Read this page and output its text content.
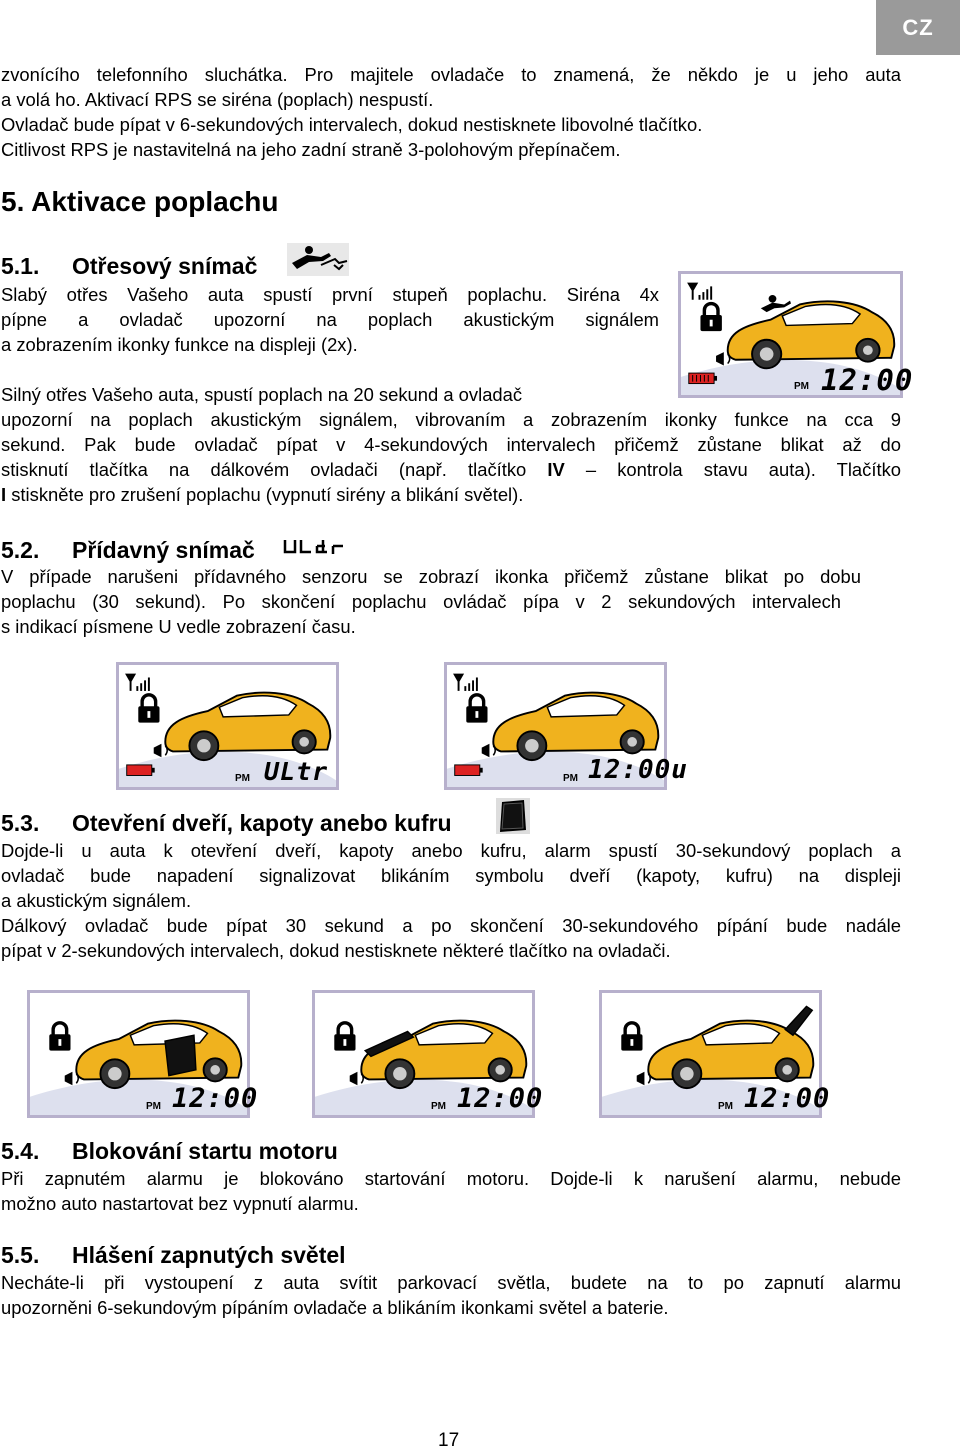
CZ

zvonícího telefonního sluchátka. Pro majitele ovladače to znamená, že někdo je u jeho auta

a volá ho. Aktivací RPS se siréna (poplach) nespustí.

Ovladač bude pípat v 6-sekundových intervalech, dokud nestisknete libovolné tlačítko.

Citlivost RPS je nastavitelná na jeho zadní straně 3-polohovým přepínačem.

5. Aktivace poplachu
5.1. Otřesový snímač

Slabý otřes Vašeho auta spustí první stupeň poplachu. Siréna 4x

pípne a ovladač upozorní na poplach akustickým signálem

a zobrazením ikonky funkce na displeji (2x).

PM 12:00

Silný otřes Vašeho auta, spustí poplach na 20 sekund a ovladač

upozorní na poplach akustickým signálem, vibrovaním a zobrazením ikonky funkce na cca 9

sekund. Pak bude ovladač pípat v 4-sekundových intervalech přičemž zůstane blikat až do

stisknutí tlačítka na dálkovém ovladači (např. tlačítko IV – kontrola stavu auta). Tlačítko

I stiskněte pro zrušení poplachu (vypnutí sirény a blikání světel).

5.2. Přídavný snímač

V případe narušeni přídavného senzoru se zobrazí ikonka přičemž zůstane blikat po dobu

poplachu (30 sekund). Po skončení poplachu ovládač pípa v 2 sekundových intervalech

s indikací písmene U vedle zobrazení času.

PM ULtr	PM 12:00u
5.3. Otevření dveří, kapoty anebo kufru

Dojde-li u auta k otevření dveří, kapoty anebo kufru, alarm spustí 30-sekundový poplach a

ovladač bude napadení signalizovat blikáním symbolu dveří (kapoty, kufru) na displeji

a akustickým signálem.

Dálkový ovladač bude pípat 30 sekund a po skončení 30-sekundového pípání bude nadále

pípat v 2-sekundových intervalech, dokud nestisknete některé tlačítko na ovladači.

PM 12:00	PM 12:00	PM 12:00
5.4. Blokování startu motoru

Při zapnutém alarmu je blokováno startování motoru. Dojde-li k narušení alarmu, nebude

možno auto nastartovat bez vypnutí alarmu.

5.5. Hlášení zapnutých světel

Necháte-li při vystoupení z auta svítit parkovací světla, budete na to po zapnutí alarmu

upozorněni 6-sekundovým pípáním ovladače a blikáním ikonkami světel a baterie.

17
